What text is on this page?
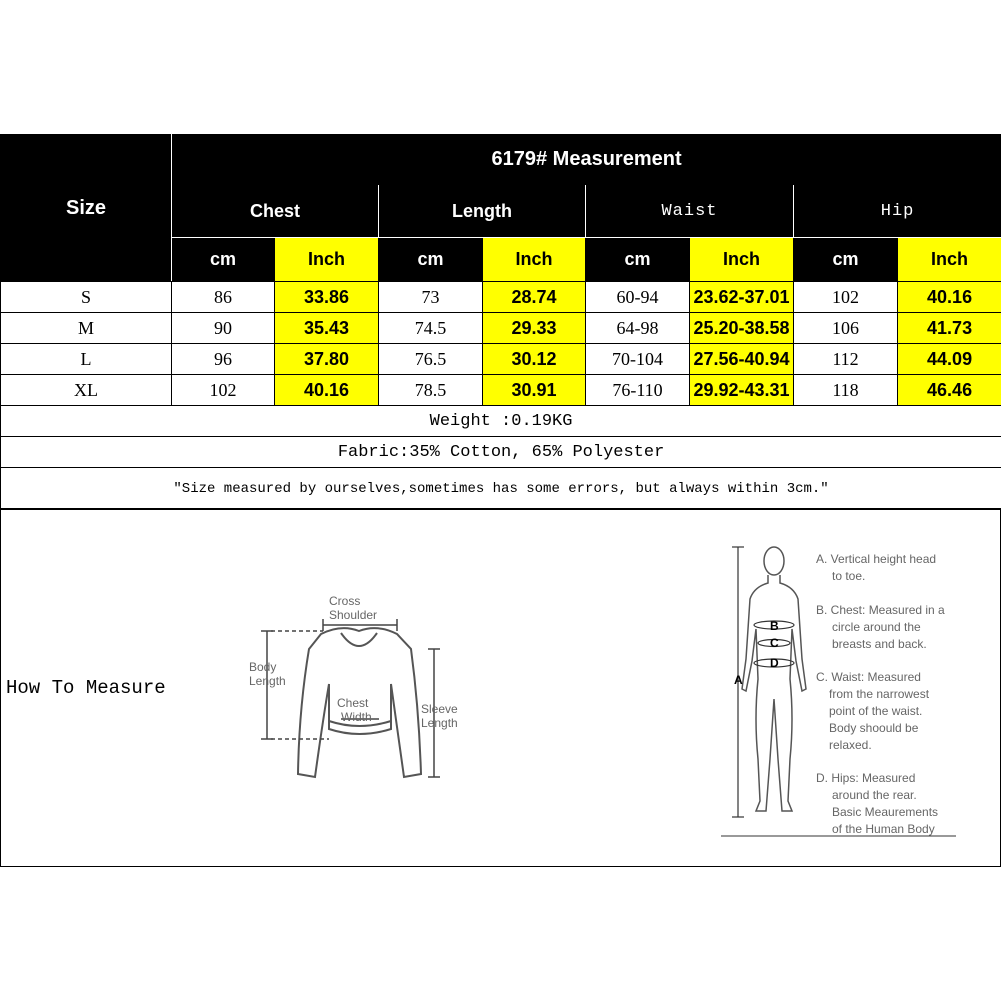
Size	6179# Measurement							
	Chest		Length		Waist		Hip	
	cm	Inch	cm	Inch	cm	Inch	cm	Inch
S	86	33.86	73	28.74	60-94	23.62-37.01	102	40.16
M	90	35.43	74.5	29.33	64-98	25.20-38.58	106	41.73
L	96	37.80	76.5	30.12	70-104	27.56-40.94	112	44.09
XL	102	40.16	78.5	30.91	76-110	29.92-43.31	118	46.46
Weight :0.19KG								
Fabric:35% Cotton, 65% Polyester								
"Size measured by ourselves,sometimes has some errors, but always within 3cm."								
How To Measure
Cross Shoulder
Body Length
Chest Width
Sleeve Length
A
B
C
D
A. Vertical height head to toe.
B. Chest: Measured in a circle around the breasts and back.
C. Waist: Measured from the narrowest point of the waist. Body shoould be relaxed.
D. Hips: Measured around the rear. Basic Meaurements of the Human Body
